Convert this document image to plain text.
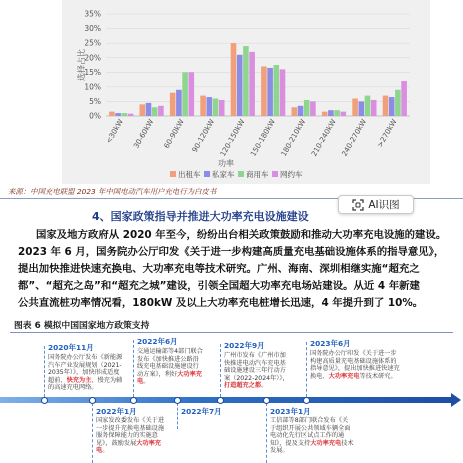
0%
5%
10%
15%
20%
25%
30%
35%
<30kW 30-60kW 60-90kW 90-120kW 120-150kW 150-180kW 180-210kW 210-240kW 240-270kW >270kW
选择占比
功率
出租车 私家车 商用车 网约车
来源：中国充电联盟 2023 年中国电动汽车用户充电行为白皮书
AI识图
4、国家政策指导并推进大功率充电设施建设
国家及地方政府从 2020 年至今，纷纷出台相关政策鼓励和推动大功率充电设施的建设。
2023 年 6 月，国务院办公厅印发《关于进一步构建高质量充电基础设施体系的指导意见》，
提出加快推进快速充换电、大功率充电等技术研究。广州、海南、深圳相继实施“超充之
都”、“超充之岛”和“超充之城”建设，引领全国超大功率充电场站建设。从近 4 年新建
公共直流桩功率情况看，180kW 及以上大功率充电桩增长迅速，4 年提升到了 10%。
图表 6 模拟中国国家地方政策支持
2020年11月
国务院办公厅发布《新能源汽车产业发展规划（2021-2035年）》，加快形成适度超前、快充为主、慢充为辅的高速充电网络。
2022年1月
国家发改委发布《关于进一步提升充换电基础设施服务保障能力的实施意见》，鼓励发展大功率充电。
2022年6月
交通运输部等4部门联合发布《加快推进公路沿线充电基础设施建设行动方案》，利好大功率充电。
2022年7月
2022年9月
广州市发布《广州市加快推进电动汽车充电基础设施建设三年行动方案（2022-2024年）》，打造超充之都。
2023年1月
工信部等8部门联合发布《关于组织开展公共领域车辆全面电动化先行区试点工作的通知》，提及支持大功率充电技术发展。
2023年6月
国务院办公厅印发《关于进一步构建高质量充电基础设施体系的指导意见》，提出加快推进快速充换电、大功率充电等技术研究。
